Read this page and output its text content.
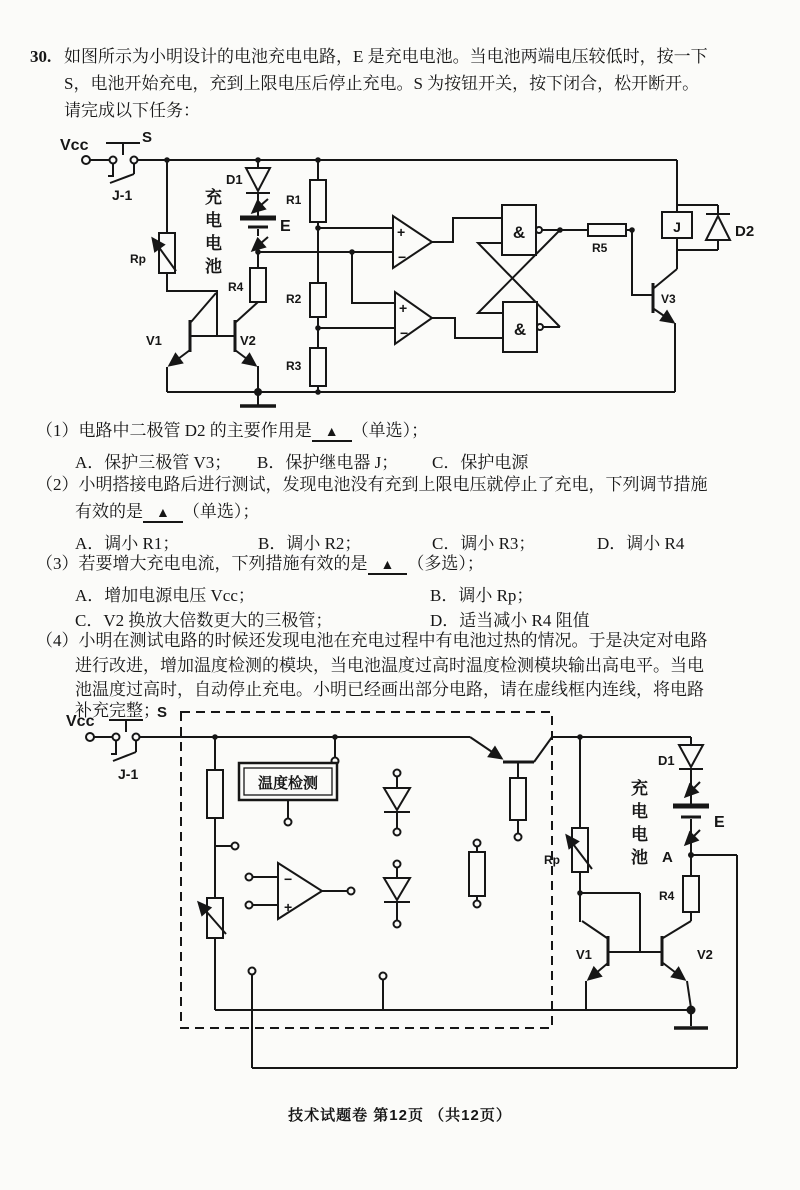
30. 如图所示为小明设计的电池充电电路，E 是充电电池。当电池两端电压较低时，按一下
S，电池开始充电，充到上限电压后停止充电。S 为按钮开关，按下闭合，松开断开。
请完成以下任务：
（1）电路中二极管 D2 的主要作用是 ▲ （单选）；
A．保护三极管 V3； B．保护继电器 J； C．保护电源
（2）小明搭接电路后进行测试，发现电池没有充到上限电压就停止了充电，下列调节措施
有效的是 ▲ （单选）；
A．调小 R1；	B．调小 R2；	C．调小 R3；	D．调小 R4
（3）若要增大充电电流，下列措施有效的是 ▲ （多选）；
A．增加电源电压 Vcc；	B．调小 Rp；
C．V2 换放大倍数更大的三极管；	D．适当减小 R4 阻值
（4）小明在测试电路的时候还发现电池在充电过程中有电池过热的情况。于是决定对电路
进行改进，增加温度检测的模块，当电池温度过高时温度检测模块输出高电平。当电
池温度过高时，自动停止充电。小明已经画出部分电路，请在虚线框内连线，将电路
补充完整；
充电电池
充电电池
Vcc	S
J-1
Rp
V1	V2
D1
E
R4
R1
R2
R3
+
−
+
−
&
&
R5
V3
J	D2
Vcc
S
J-1
温度检测
−
+
Rp
V1	V2
D1
E
A
R4
技术试题卷 第12页 （共12页）
